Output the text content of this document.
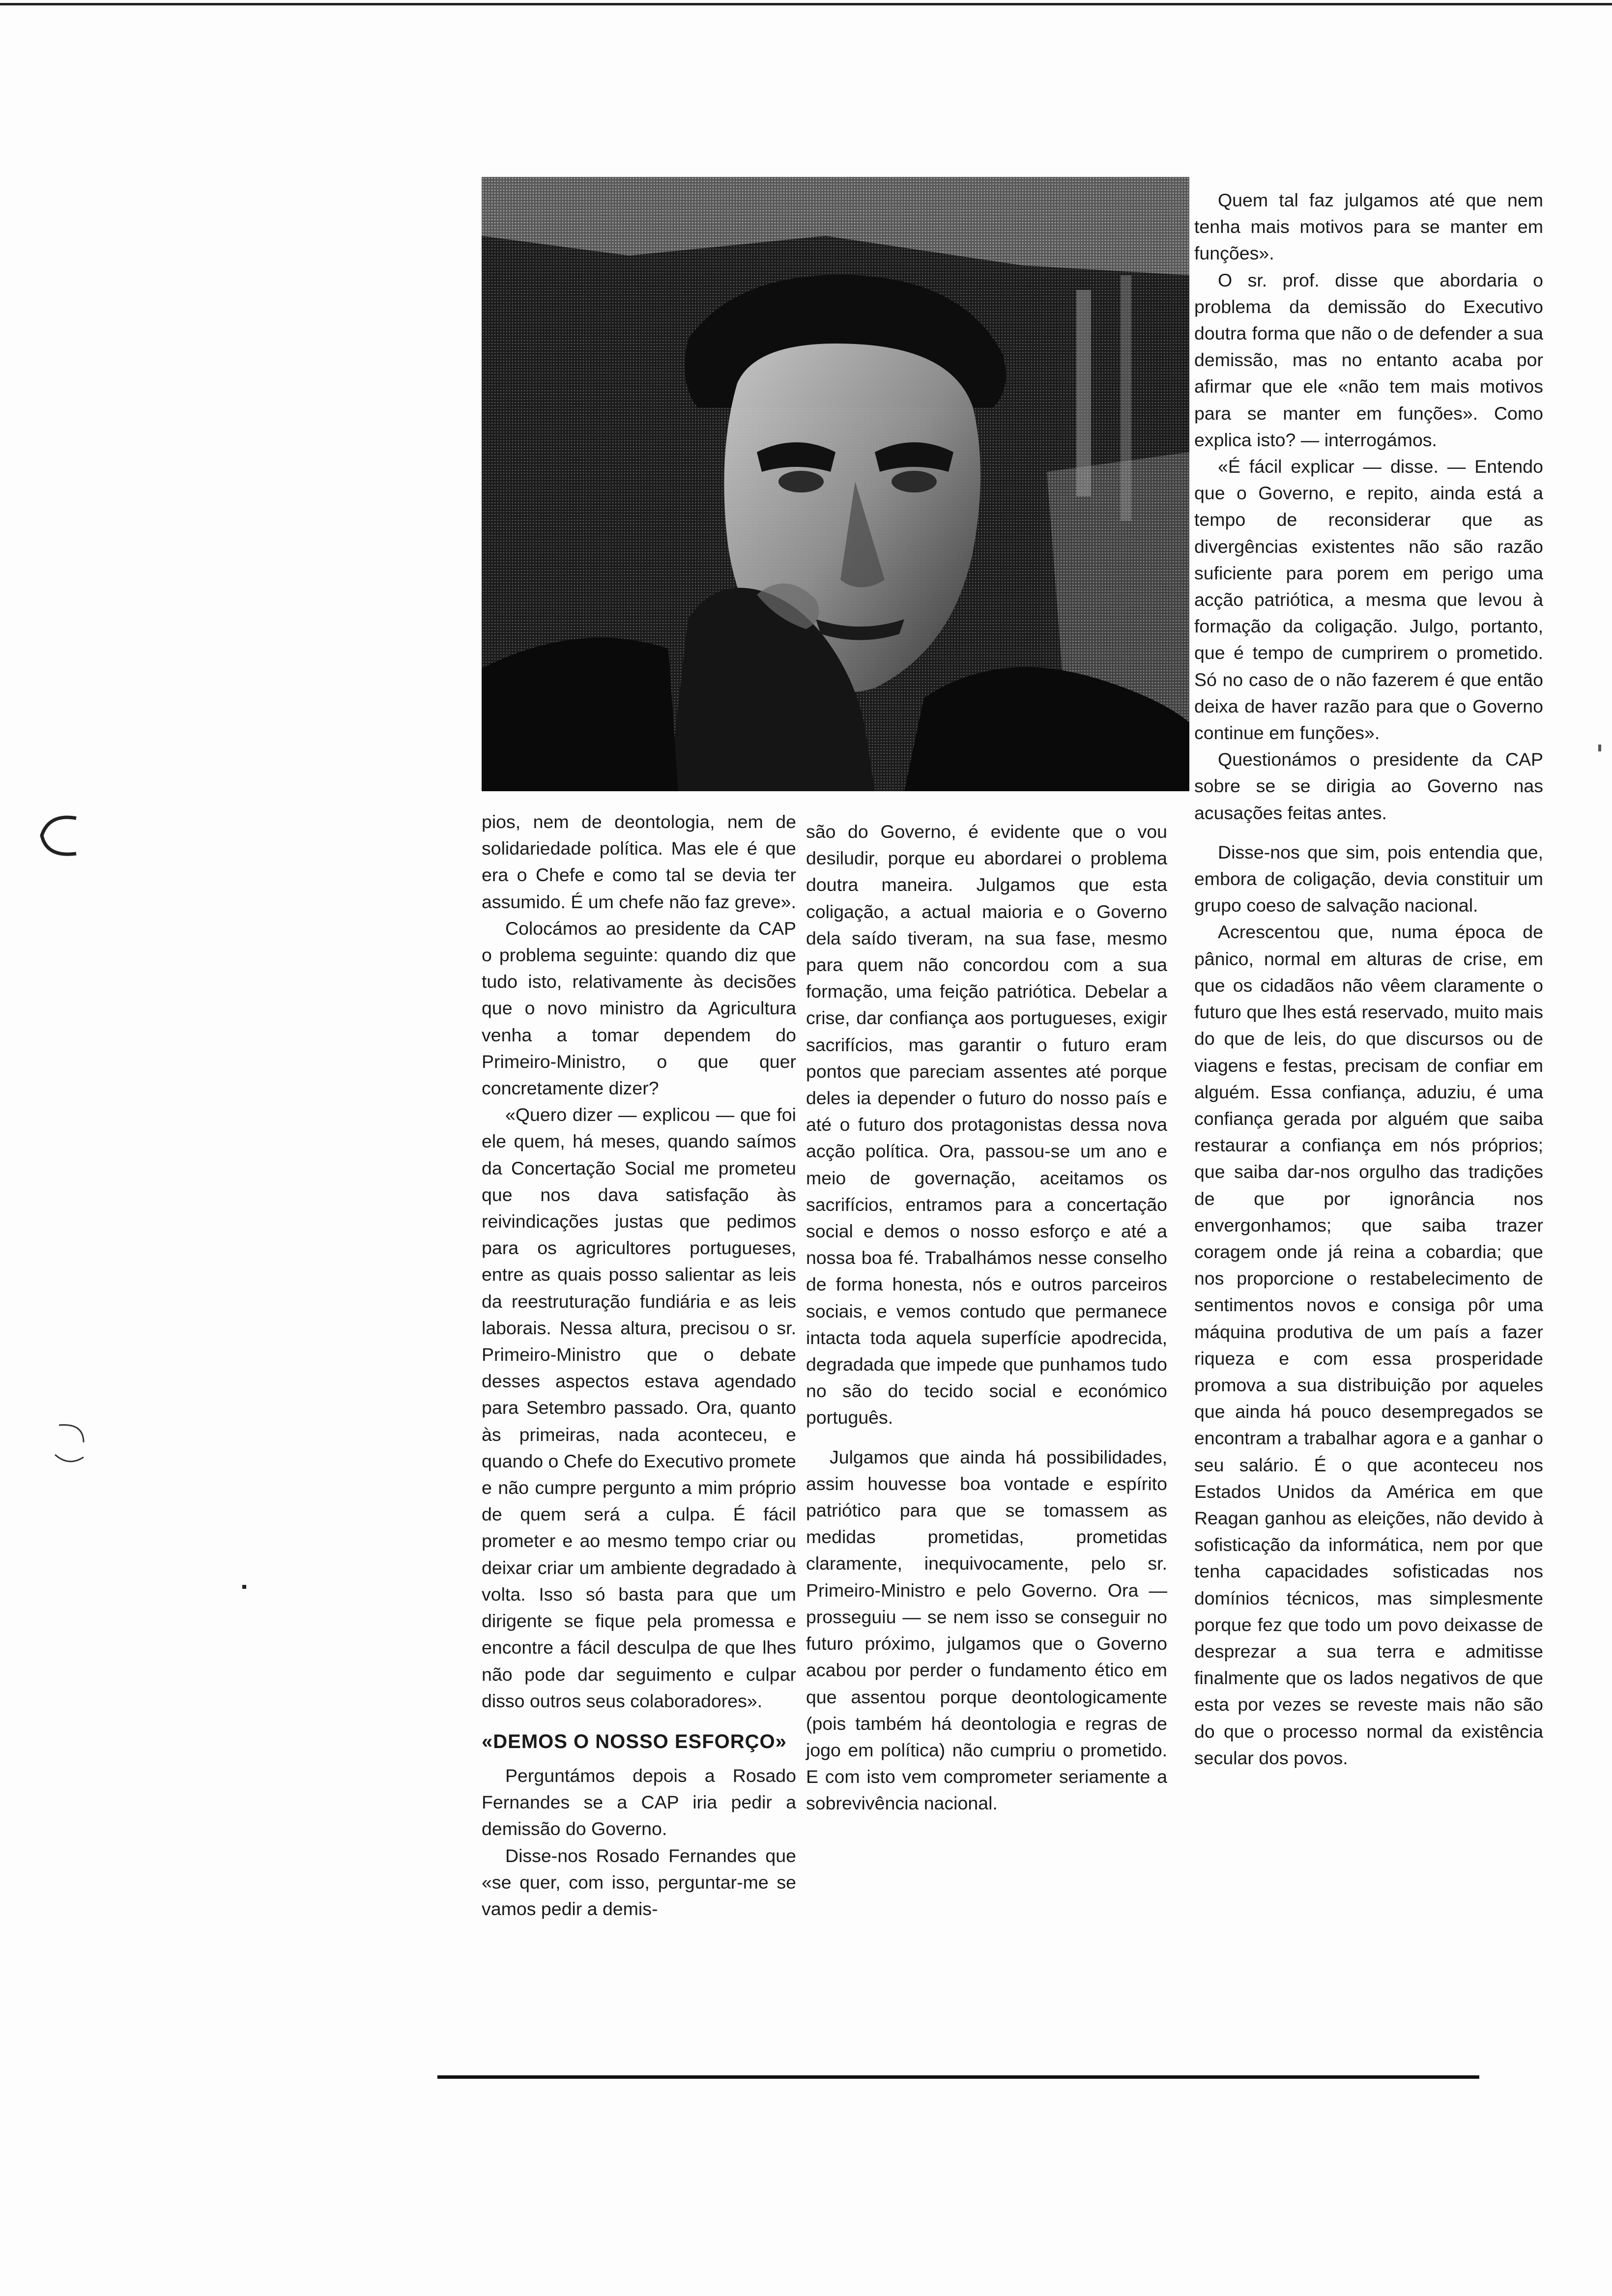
pios, nem de deontologia, nem de solidariedade política. Mas ele é que era o Chefe e como tal se devia ter assumido. É um chefe não faz greve».

Colocámos ao presidente da CAP o problema seguinte: quando diz que tudo isto, relativamente às decisões que o novo ministro da Agricultura venha a tomar dependem do Primeiro-Ministro, o que quer concretamente dizer?

«Quero dizer — explicou — que foi ele quem, há meses, quando saímos da Concertação Social me prometeu que nos dava satisfação às reivindicações justas que pedimos para os agricultores portugueses, entre as quais posso salientar as leis da reestruturação fundiária e as leis laborais. Nessa altura, precisou o sr. Primeiro-Ministro que o debate desses aspectos estava agendado para Setembro passado. Ora, quanto às primeiras, nada aconteceu, e quando o Chefe do Executivo promete e não cumpre pergunto a mim próprio de quem será a culpa. É fácil prometer e ao mesmo tempo criar ou deixar criar um ambiente degradado à volta. Isso só basta para que um dirigente se fique pela promessa e encontre a fácil desculpa de que lhes não pode dar seguimento e culpar disso outros seus colaboradores».

«DEMOS O NOSSO ESFORÇO»

Perguntámos depois a Rosado Fernandes se a CAP iria pedir a demissão do Governo.

Disse-nos Rosado Fernandes que «se quer, com isso, perguntar-me se vamos pedir a demis-

são do Governo, é evidente que o vou desiludir, porque eu abordarei o problema doutra maneira. Julgamos que esta coligação, a actual maioria e o Governo dela saído tiveram, na sua fase, mesmo para quem não concordou com a sua formação, uma feição patriótica. Debelar a crise, dar confiança aos portugueses, exigir sacrifícios, mas garantir o futuro eram pontos que pareciam assentes até porque deles ia depender o futuro do nosso país e até o futuro dos protagonistas dessa nova acção política. Ora, passou-se um ano e meio de governação, aceitamos os sacrifícios, entramos para a concertação social e demos o nosso esforço e até a nossa boa fé. Trabalhámos nesse conselho de forma honesta, nós e outros parceiros sociais, e vemos contudo que permanece intacta toda aquela superfície apodrecida, degradada que impede que punhamos tudo no são do tecido social e económico português.

Julgamos que ainda há possibilidades, assim houvesse boa vontade e espírito patriótico para que se tomassem as medidas prometidas, prometidas claramente, inequivocamente, pelo sr. Primeiro-Ministro e pelo Governo. Ora — prosseguiu — se nem isso se conseguir no futuro próximo, julgamos que o Governo acabou por perder o fundamento ético em que assentou porque deontologicamente (pois também há deontologia e regras de jogo em política) não cumpriu o prometido. E com isto vem comprometer seriamente a sobrevivência nacional.

Quem tal faz julgamos até que nem tenha mais motivos para se manter em funções».

O sr. prof. disse que abordaria o problema da demissão do Executivo doutra forma que não o de defender a sua demissão, mas no entanto acaba por afirmar que ele «não tem mais motivos para se manter em funções». Como explica isto? — interrogámos.

«É fácil explicar — disse. — Entendo que o Governo, e repito, ainda está a tempo de reconsiderar que as divergências existentes não são razão suficiente para porem em perigo uma acção patriótica, a mesma que levou à formação da coligação. Julgo, portanto, que é tempo de cumprirem o prometido. Só no caso de o não fazerem é que então deixa de haver razão para que o Governo continue em funções».

Questionámos o presidente da CAP sobre se se dirigia ao Governo nas acusações feitas antes.

Disse-nos que sim, pois entendia que, embora de coligação, devia constituir um grupo coeso de salvação nacional.

Acrescentou que, numa época de pânico, normal em alturas de crise, em que os cidadãos não vêem claramente o futuro que lhes está reservado, muito mais do que de leis, do que discursos ou de viagens e festas, precisam de confiar em alguém. Essa confiança, aduziu, é uma confiança gerada por alguém que saiba restaurar a confiança em nós próprios; que saiba dar-nos orgulho das tradições de que por ignorância nos envergonhamos; que saiba trazer coragem onde já reina a cobardia; que nos proporcione o restabelecimento de sentimentos novos e consiga pôr uma máquina produtiva de um país a fazer riqueza e com essa prosperidade promova a sua distribuição por aqueles que ainda há pouco desempregados se encontram a trabalhar agora e a ganhar o seu salário. É o que aconteceu nos Estados Unidos da América em que Reagan ganhou as eleições, não devido à sofisticação da informática, nem por que tenha capacidades sofisticadas nos domínios técnicos, mas simplesmente porque fez que todo um povo deixasse de desprezar a sua terra e admitisse finalmente que os lados negativos de que esta por vezes se reveste mais não são do que o processo normal da existência secular dos povos.
